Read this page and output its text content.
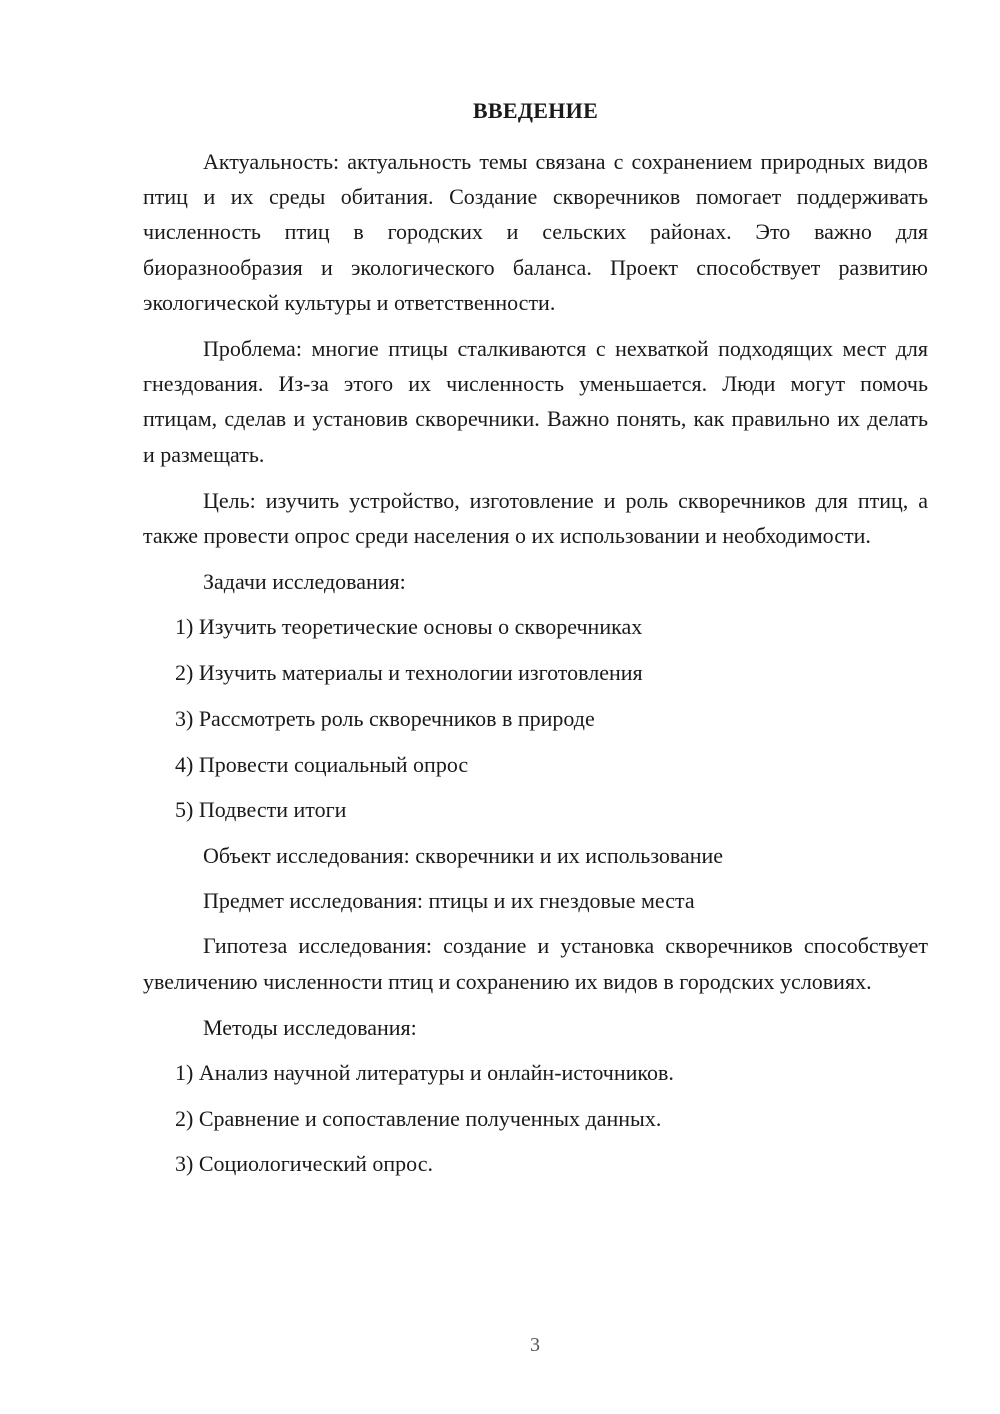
ВВЕДЕНИЕ

Актуальность: актуальность темы связана с сохранением природных видов птиц и их среды обитания. Создание скворечников помогает поддерживать численность птиц в городских и сельских районах. Это важно для биоразнообразия и экологического баланса. Проект способствует развитию экологической культуры и ответственности.

Проблема: многие птицы сталкиваются с нехваткой подходящих мест для гнездования. Из-за этого их численность уменьшается. Люди могут помочь птицам, сделав и установив скворечники. Важно понять, как правильно их делать и размещать.

Цель: изучить устройство, изготовление и роль скворечников для птиц, а также провести опрос среди населения о их использовании и необходимости.

Задачи исследования:

1) Изучить теоретические основы о скворечниках

2) Изучить материалы и технологии изготовления

3) Рассмотреть роль скворечников в природе

4) Провести социальный опрос

5) Подвести итоги

Объект исследования: скворечники и их использование

Предмет исследования: птицы и их гнездовые места

Гипотеза исследования: создание и установка скворечников способствует увеличению численности птиц и сохранению их видов в городских условиях.

Методы исследования:

1) Анализ научной литературы и онлайн-источников.

2) Сравнение и сопоставление полученных данных.

3) Социологический опрос.

3
